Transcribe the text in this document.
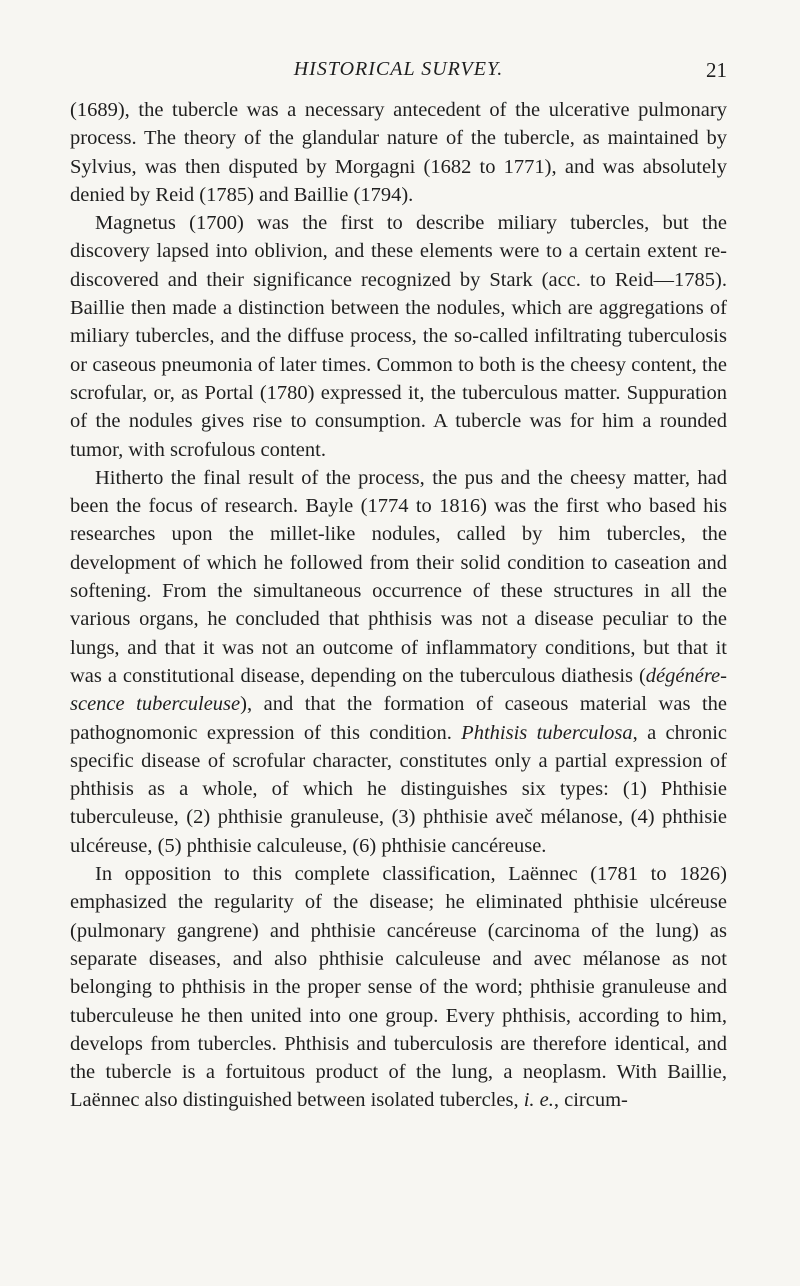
HISTORICAL SURVEY.	21

(1689), the tubercle was a necessary antecedent of the ulcerative pulmonary process. The theory of the glandular nature of the tubercle, as maintained by Sylvius, was then disputed by Morgagni (1682 to 1771), and was absolutely denied by Reid (1785) and Baillie (1794).

Magnetus (1700) was the first to describe miliary tubercles, but the discovery lapsed into oblivion, and these elements were to a certain extent re-discovered and their significance recognized by Stark (acc. to Reid—1785). Baillie then made a distinction between the nodules, which are aggregations of miliary tubercles, and the diffuse process, the so-called infiltrating tuberculosis or caseous pneumonia of later times. Common to both is the cheesy content, the scrofular, or, as Portal (1780) expressed it, the tuberculous matter. Suppuration of the nodules gives rise to consumption. A tubercle was for him a rounded tumor, with scrofulous content.

Hitherto the final result of the process, the pus and the cheesy matter, had been the focus of research. Bayle (1774 to 1816) was the first who based his researches upon the millet-like nodules, called by him tubercles, the development of which he followed from their solid condition to caseation and softening. From the simultaneous occurrence of these structures in all the various organs, he concluded that phthisis was not a disease peculiar to the lungs, and that it was not an outcome of inflammatory conditions, but that it was a constitutional disease, depending on the tuberculous diathesis (dégénére-scence tuberculeuse), and that the formation of caseous material was the pathognomonic expression of this condition. Phthisis tuberculosa, a chronic specific disease of scrofular character, constitutes only a partial expression of phthisis as a whole, of which he distinguishes six types: (1) Phthisie tuberculeuse, (2) phthisie granuleuse, (3) phthisie aveč mélanose, (4) phthisie ulcéreuse, (5) phthisie calculeuse, (6) phthisie cancéreuse.

In opposition to this complete classification, Laënnec (1781 to 1826) emphasized the regularity of the disease; he eliminated phthisie ulcéreuse (pulmonary gangrene) and phthisie cancéreuse (carcinoma of the lung) as separate diseases, and also phthisie calculeuse and avec mélanose as not belonging to phthisis in the proper sense of the word; phthisie granuleuse and tuberculeuse he then united into one group. Every phthisis, according to him, develops from tubercles. Phthisis and tuberculosis are therefore identical, and the tubercle is a fortuitous product of the lung, a neoplasm. With Baillie, Laënnec also distinguished between isolated tubercles, i. e., circum-
